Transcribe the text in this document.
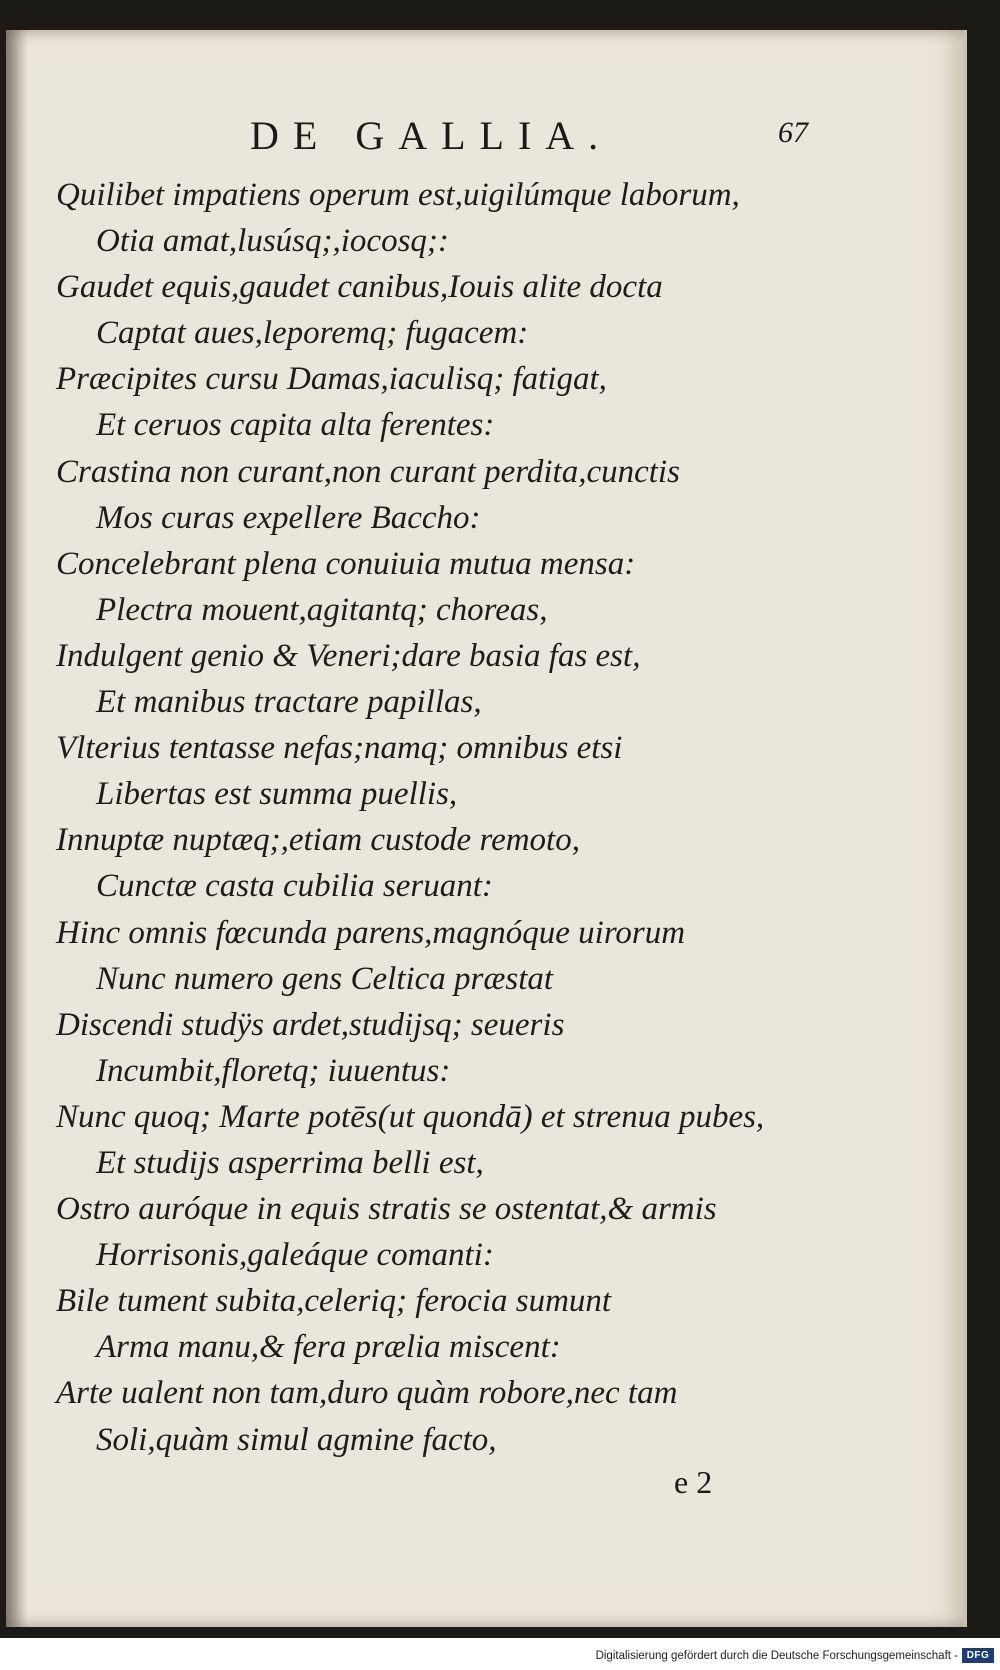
DE GALLIA.	67
Quilibet impatiens operum est,uigilúmque laborum,
Otia amat,lusúsq;,iocosq;:
Gaudet equis,gaudet canibus,Iouis alite docta
Captat aues,leporemq; fugacem:
Præcipites cursu Damas,iaculisq; fatigat,
Et ceruos capita alta ferentes:
Crastina non curant,non curant perdita,cunctis
Mos curas expellere Baccho:
Concelebrant plena conuiuia mutua mensa:
Plectra mouent,agitantq; choreas,
Indulgent genio & Veneri;dare basia fas est,
Et manibus tractare papillas,
Vlterius tentasse nefas;namq; omnibus etsi
Libertas est summa puellis,
Innuptæ nuptæq;,etiam custode remoto,
Cunctæ casta cubilia seruant:
Hinc omnis fœcunda parens,magnóque uirorum
Nunc numero gens Celtica præstat
Discendi studÿs ardet,studijsq; seueris
Incumbit,floretq; iuuentus:
Nunc quoq; Marte potēs(ut quondā) et strenua pubes,
Et studijs asperrima belli est,
Ostro auróque in equis stratis se ostentat,& armis
Horrisonis,galeáque comanti:
Bile tument subita,celeriq; ferocia sumunt
Arma manu,& fera prælia miscent:
Arte ualent non tam,duro quàm robore,nec tam
Soli,quàm simul agmine facto,
e 2
Digitalisierung gefördert durch die Deutsche Forschungsgemeinschaft - DFG
